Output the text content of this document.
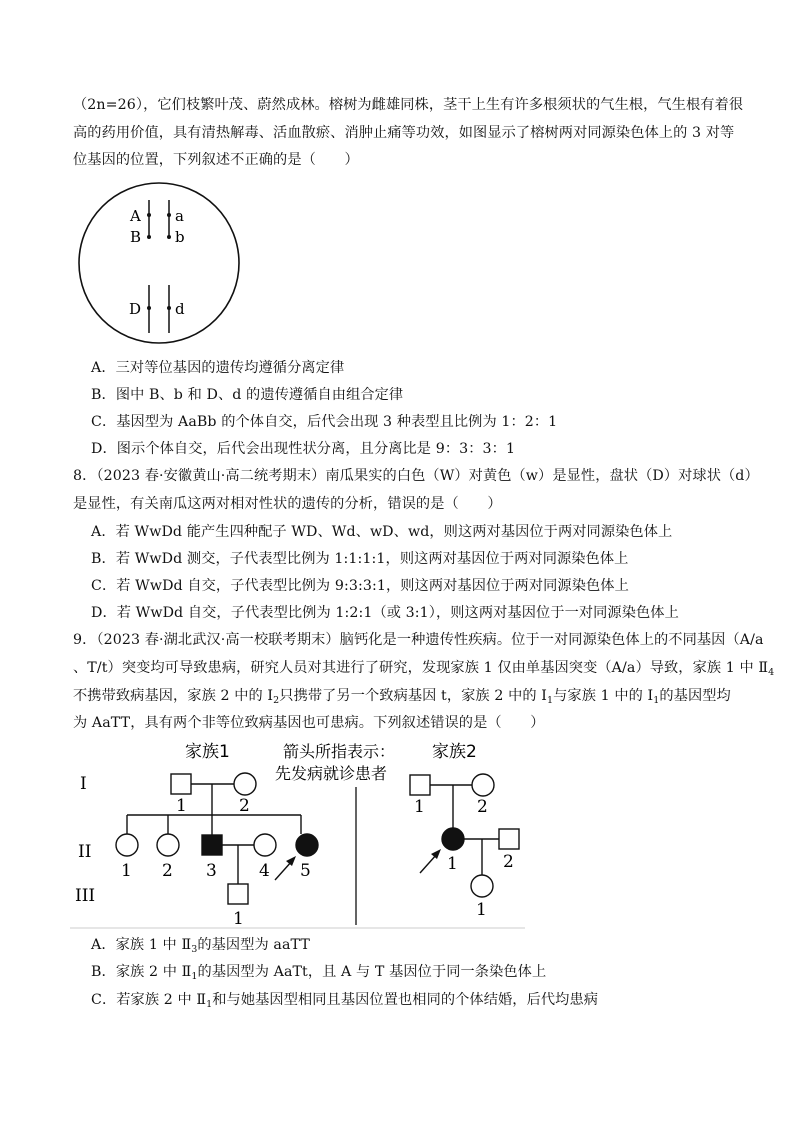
（2n=26），它们枝繁叶茂、蔚然成林。榕树为雌雄同株，茎干上生有许多根须状的气生根，气生根有着很
高的药用价值，具有清热解毒、活血散瘀、消肿止痛等功效，如图显示了榕树两对同源染色体上的 3 对等
位基因的位置，下列叙述不正确的是（　　）
A a
B b
D d
A．三对等位基因的遗传均遵循分离定律
B．图中 B、b 和 D、d 的遗传遵循自由组合定律
C．基因型为 AaBb 的个体自交，后代会出现 3 种表型且比例为 1：2：1
D．图示个体自交，后代会出现性状分离，且分离比是 9：3：3：1
8．（2023 春·安徽黄山·高二统考期末）南瓜果实的白色（W）对黄色（w）是显性，盘状（D）对球状（d）
是显性，有关南瓜这两对相对性状的遗传的分析，错误的是（　　）
A．若 WwDd 能产生四种配子 WD、Wd、wD、wd，则这两对基因位于两对同源染色体上
B．若 WwDd 测交，子代表型比例为 1:1:1:1，则这两对基因位于两对同源染色体上
C．若 WwDd 自交，子代表型比例为 9:3:3:1，则这两对基因位于两对同源染色体上
D．若 WwDd 自交，子代表型比例为 1:2:1（或 3:1），则这两对基因位于一对同源染色体上
9．（2023 春·湖北武汉·高一校联考期末）脑钙化是一种遗传性疾病。位于一对同源染色体上的不同基因（A/a
、T/t）突变均可导致患病，研究人员对其进行了研究，发现家族 1 仅由单基因突变（A/a）导致，家族 1 中 $Ⅱ_4$
不携带致病基因，家族 2 中的 $Ⅰ_2$只携带了另一个致病基因 t，家族 2 中的 $Ⅰ_1$与家族 1 中的 $Ⅰ_1$的基因型均
为 AaTT，具有两个非等位致病基因也可患病。下列叙述错误的是（　　）
家族1	箭头所指表示：
先发病就诊患者
家族2
I
II
III
1	2
1 2 3 4 5
1
1	2
1	2
1
A．家族 1 中 $Ⅱ_3$的基因型为 aaTT
B．家族 2 中 $Ⅱ_1$的基因型为 AaTt，且 A 与 T 基因位于同一条染色体上
C．若家族 2 中 $Ⅱ_1$和与她基因型相同且基因位置也相同的个体结婚，后代均患病
